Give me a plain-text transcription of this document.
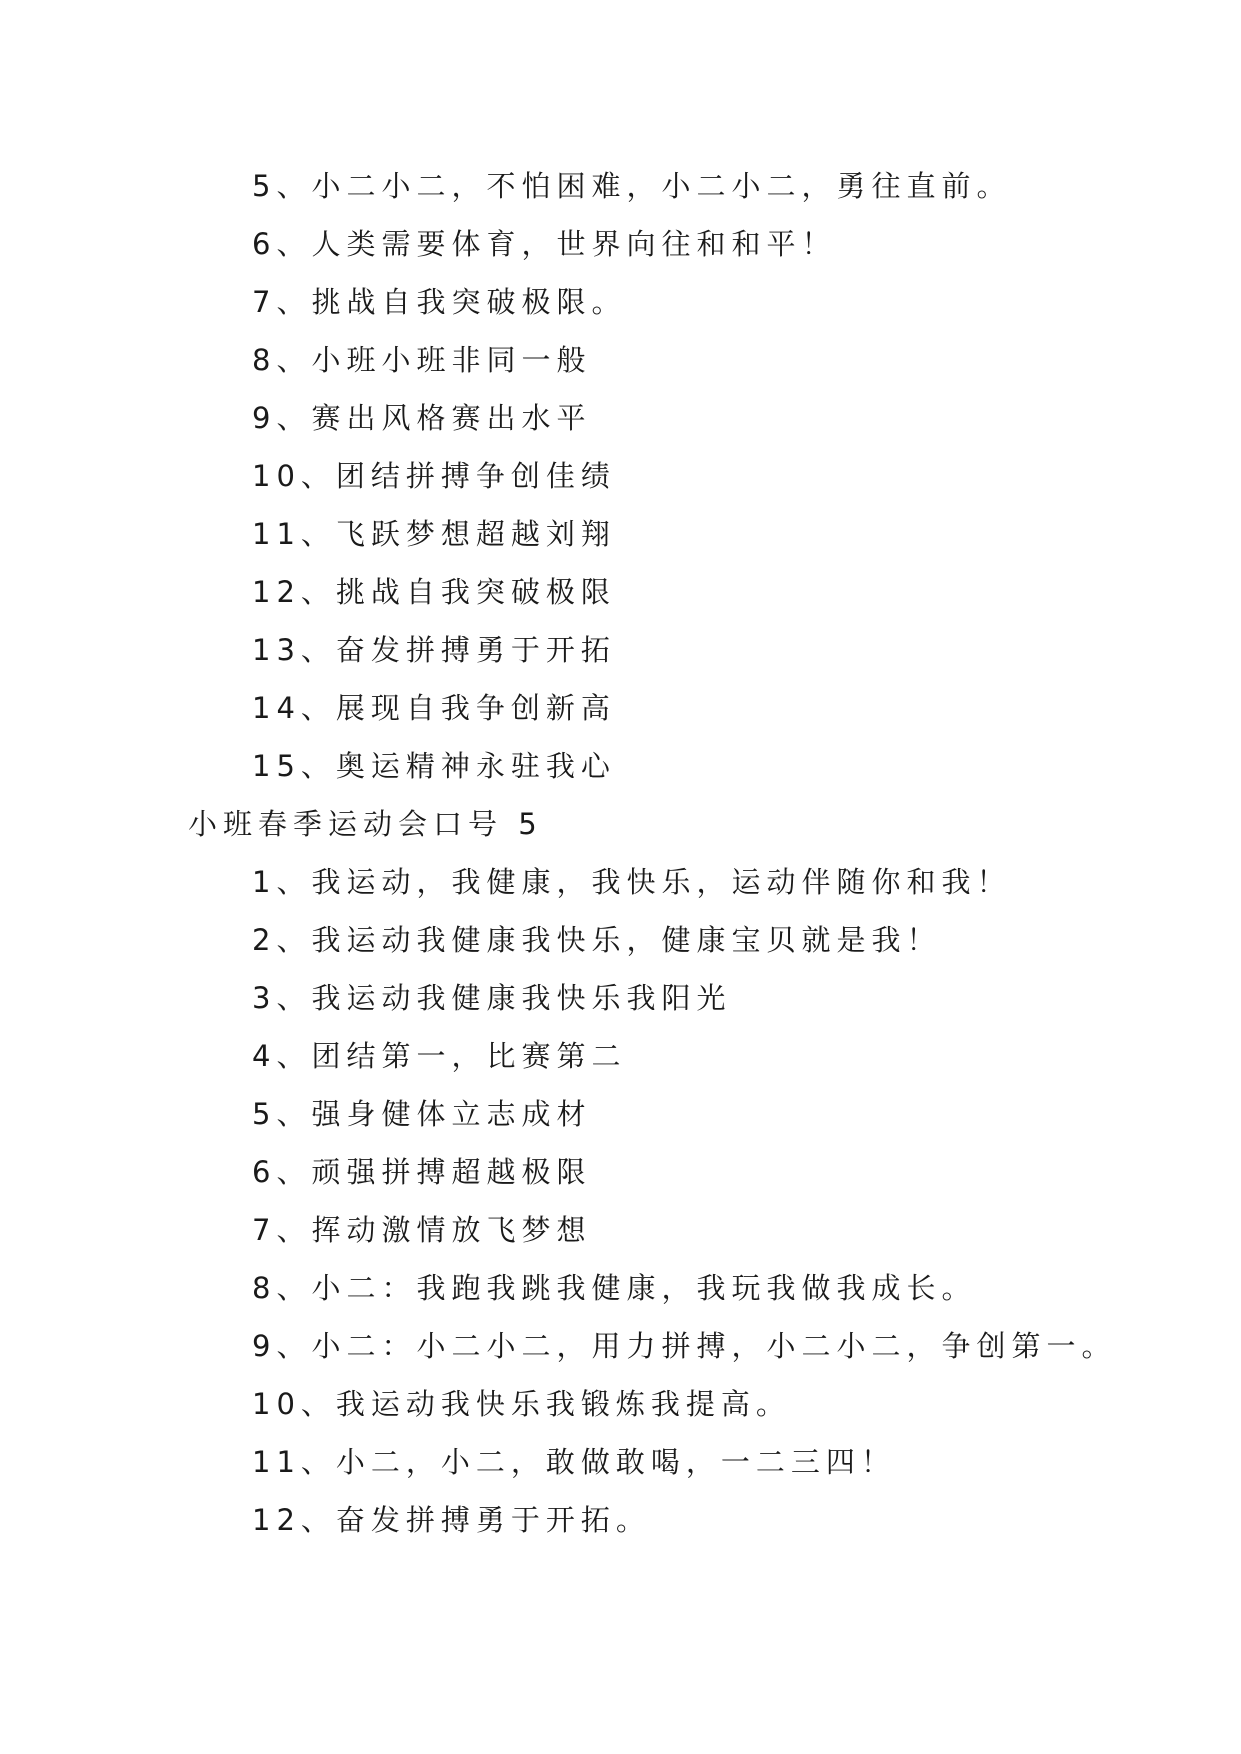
5、小二小二，不怕困难，小二小二，勇往直前。
6、人类需要体育，世界向往和和平！
7、挑战自我突破极限。
8、小班小班非同一般
9、赛出风格赛出水平
10、团结拼搏争创佳绩
11、飞跃梦想超越刘翔
12、挑战自我突破极限
13、奋发拼搏勇于开拓
14、展现自我争创新高
15、奥运精神永驻我心
小班春季运动会口号 5
1、我运动，我健康，我快乐，运动伴随你和我！
2、我运动我健康我快乐，健康宝贝就是我！
3、我运动我健康我快乐我阳光
4、团结第一，比赛第二
5、强身健体立志成材
6、顽强拼搏超越极限
7、挥动激情放飞梦想
8、小二：我跑我跳我健康，我玩我做我成长。
9、小二：小二小二，用力拼搏，小二小二，争创第一。
10、我运动我快乐我锻炼我提高。
11、小二，小二，敢做敢喝，一二三四！
12、奋发拼搏勇于开拓。
